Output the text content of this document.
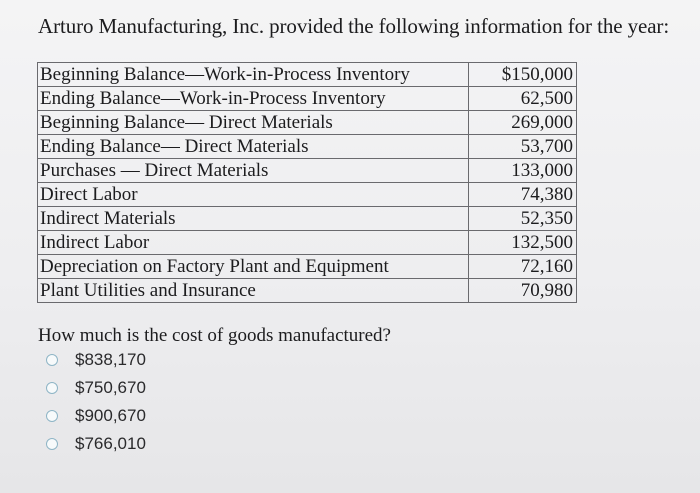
Arturo Manufacturing, Inc. provided the following information for the year:
Beginning Balance—Work-in-Process Inventory	$150,000
Ending Balance—Work-in-Process Inventory	62,500
Beginning Balance— Direct Materials	269,000
Ending Balance— Direct Materials	53,700
Purchases — Direct Materials	133,000
Direct Labor	74,380
Indirect Materials	52,350
Indirect Labor	132,500
Depreciation on Factory Plant and Equipment	72,160
Plant Utilities and Insurance	70,980
How much is the cost of goods manufactured?
$838,170
$750,670
$900,670
$766,010
